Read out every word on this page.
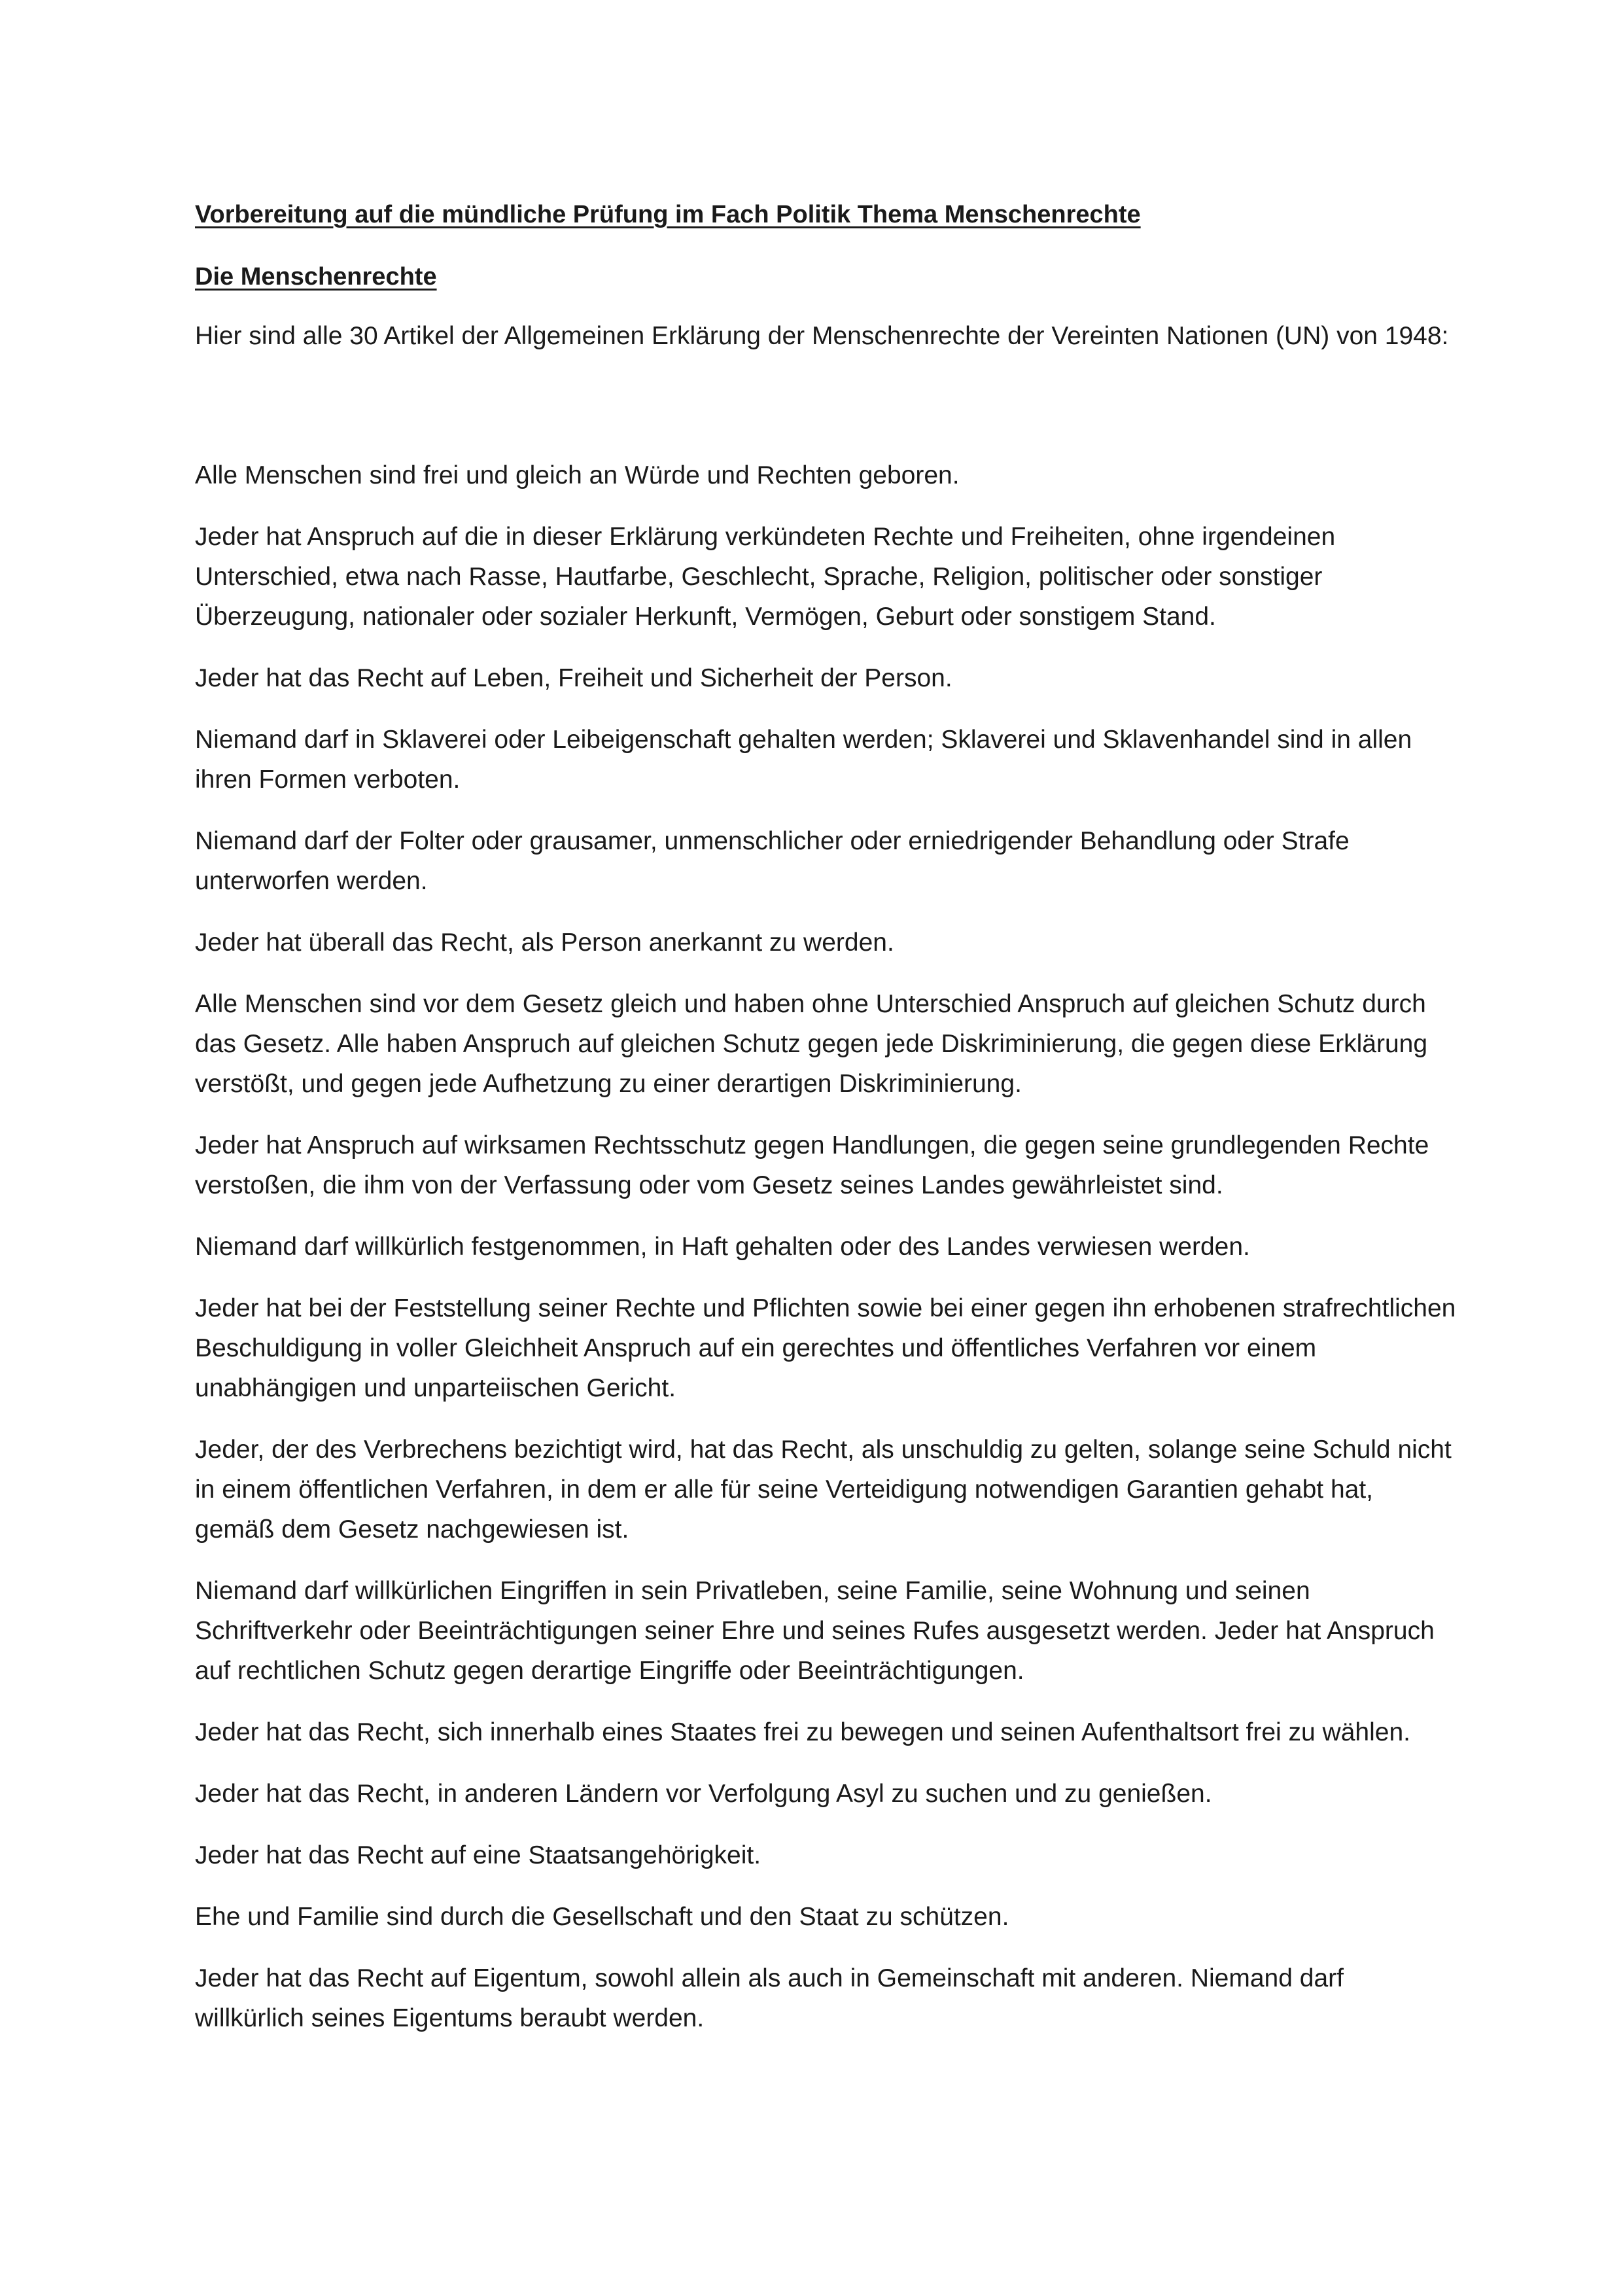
Vorbereitung auf die mündliche Prüfung im Fach Politik Thema Menschenrechte

Die Menschenrechte

Hier sind alle 30 Artikel der Allgemeinen Erklärung der Menschenrechte der Vereinten Nationen (UN) von 1948:

Alle Menschen sind frei und gleich an Würde und Rechten geboren.

Jeder hat Anspruch auf die in dieser Erklärung verkündeten Rechte und Freiheiten, ohne irgendeinen Unterschied, etwa nach Rasse, Hautfarbe, Geschlecht, Sprache, Religion, politischer oder sonstiger Überzeugung, nationaler oder sozialer Herkunft, Vermögen, Geburt oder sonstigem Stand.

Jeder hat das Recht auf Leben, Freiheit und Sicherheit der Person.

Niemand darf in Sklaverei oder Leibeigenschaft gehalten werden; Sklaverei und Sklavenhandel sind in allen ihren Formen verboten.

Niemand darf der Folter oder grausamer, unmenschlicher oder erniedrigender Behandlung oder Strafe unterworfen werden.

Jeder hat überall das Recht, als Person anerkannt zu werden.

Alle Menschen sind vor dem Gesetz gleich und haben ohne Unterschied Anspruch auf gleichen Schutz durch das Gesetz. Alle haben Anspruch auf gleichen Schutz gegen jede Diskriminierung, die gegen diese Erklärung verstößt, und gegen jede Aufhetzung zu einer derartigen Diskriminierung.

Jeder hat Anspruch auf wirksamen Rechtsschutz gegen Handlungen, die gegen seine grundlegenden Rechte verstoßen, die ihm von der Verfassung oder vom Gesetz seines Landes gewährleistet sind.

Niemand darf willkürlich festgenommen, in Haft gehalten oder des Landes verwiesen werden.

Jeder hat bei der Feststellung seiner Rechte und Pflichten sowie bei einer gegen ihn erhobenen strafrechtlichen Beschuldigung in voller Gleichheit Anspruch auf ein gerechtes und öffentliches Verfahren vor einem unabhängigen und unparteiischen Gericht.

Jeder, der des Verbrechens bezichtigt wird, hat das Recht, als unschuldig zu gelten, solange seine Schuld nicht in einem öffentlichen Verfahren, in dem er alle für seine Verteidigung notwendigen Garantien gehabt hat, gemäß dem Gesetz nachgewiesen ist.

Niemand darf willkürlichen Eingriffen in sein Privatleben, seine Familie, seine Wohnung und seinen Schriftverkehr oder Beeinträchtigungen seiner Ehre und seines Rufes ausgesetzt werden. Jeder hat Anspruch auf rechtlichen Schutz gegen derartige Eingriffe oder Beeinträchtigungen.

Jeder hat das Recht, sich innerhalb eines Staates frei zu bewegen und seinen Aufenthaltsort frei zu wählen.

Jeder hat das Recht, in anderen Ländern vor Verfolgung Asyl zu suchen und zu genießen.

Jeder hat das Recht auf eine Staatsangehörigkeit.

Ehe und Familie sind durch die Gesellschaft und den Staat zu schützen.

Jeder hat das Recht auf Eigentum, sowohl allein als auch in Gemeinschaft mit anderen. Niemand darf willkürlich seines Eigentums beraubt werden.
